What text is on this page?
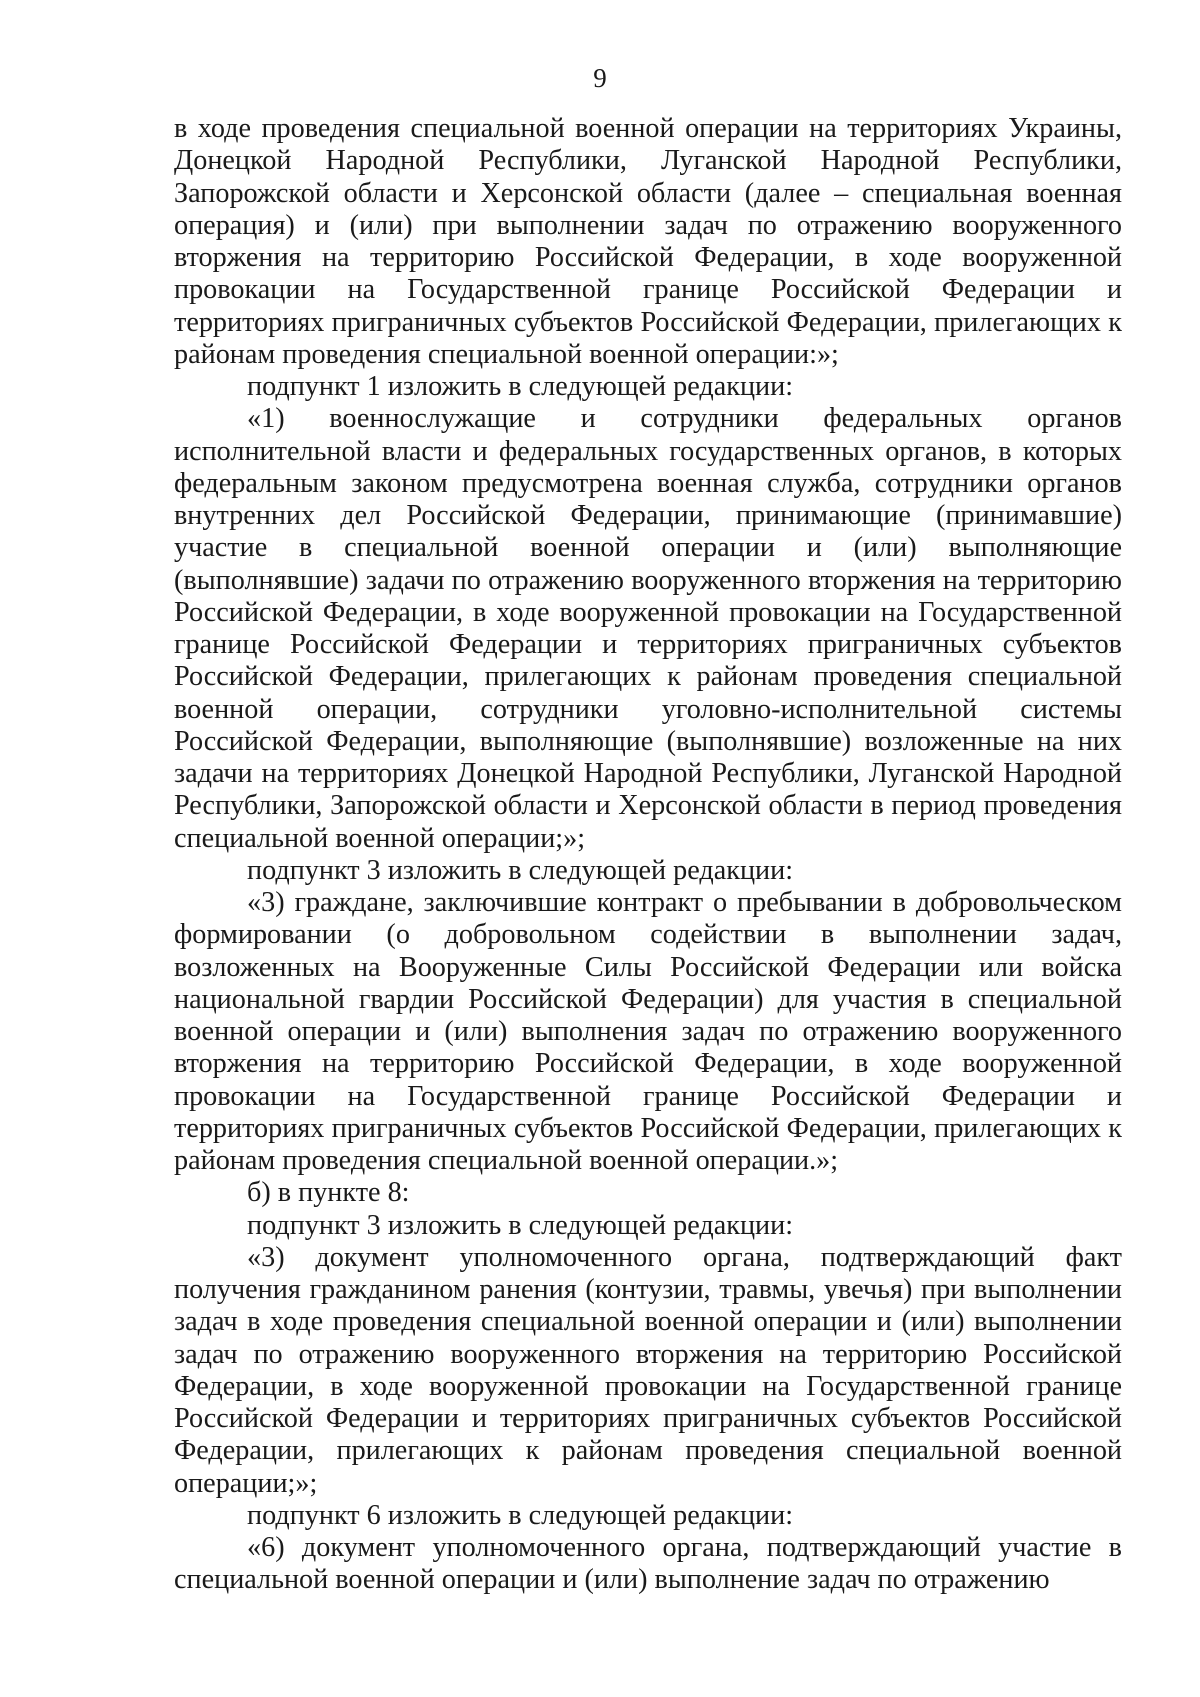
9

в ходе проведения специальной военной операции на территориях Украины, Донецкой Народной Республики, Луганской Народной Республики, Запорожской области и Херсонской области (далее – специальная военная операция) и (или) при выполнении задач по отражению вооруженного вторжения на территорию Российской Федерации, в ходе вооруженной провокации на Государственной границе Российской Федерации и территориях приграничных субъектов Российской Федерации, прилегающих к районам проведения специальной военной операции:»;

подпункт 1 изложить в следующей редакции:

«1) военнослужащие и сотрудники федеральных органов исполнительной власти и федеральных государственных органов, в которых федеральным законом предусмотрена военная служба, сотрудники органов внутренних дел Российской Федерации, принимающие (принимавшие) участие в специальной военной операции и (или) выполняющие (выполнявшие) задачи по отражению вооруженного вторжения на территорию Российской Федерации, в ходе вооруженной провокации на Государственной границе Российской Федерации и территориях приграничных субъектов Российской Федерации, прилегающих к районам проведения специальной военной операции, сотрудники уголовно-исполнительной системы Российской Федерации, выполняющие (выполнявшие) возложенные на них задачи на территориях Донецкой Народной Республики, Луганской Народной Республики, Запорожской области и Херсонской области в период проведения специальной военной операции;»;

подпункт 3 изложить в следующей редакции:

«3) граждане, заключившие контракт о пребывании в добровольческом формировании (о добровольном содействии в выполнении задач, возложенных на Вооруженные Силы Российской Федерации или войска национальной гвардии Российской Федерации) для участия в специальной военной операции и (или) выполнения задач по отражению вооруженного вторжения на территорию Российской Федерации, в ходе вооруженной провокации на Государственной границе Российской Федерации и территориях приграничных субъектов Российской Федерации, прилегающих к районам проведения специальной военной операции.»;

б) в пункте 8:

подпункт 3 изложить в следующей редакции:

«3) документ уполномоченного органа, подтверждающий факт получения гражданином ранения (контузии, травмы, увечья) при выполнении задач в ходе проведения специальной военной операции и (или) выполнении задач по отражению вооруженного вторжения на территорию Российской Федерации, в ходе вооруженной провокации на Государственной границе Российской Федерации и территориях приграничных субъектов Российской Федерации, прилегающих к районам проведения специальной военной операции;»;

подпункт 6 изложить в следующей редакции:

«6) документ уполномоченного органа, подтверждающий участие в специальной военной операции и (или) выполнение задач по отражению
